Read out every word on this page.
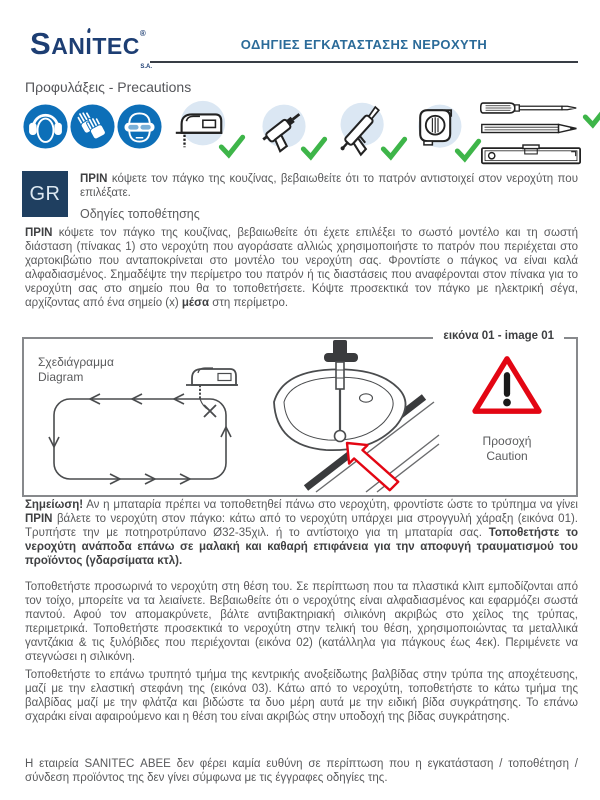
SANI
TEC®
S.A.
ΟΔΗΓΙΕΣ ΕΓΚΑΤΑΣΤΑΣΗΣ ΝΕΡΟΧΥΤΗ
Προφυλάξεις - Precautions

GR
ΠΡΙΝ κόψετε τον πάγκο της κουζίνας, βεβαιωθείτε ότι το πατρόν αντιστοιχεί στον νεροχύτη που επιλέξατε.
Οδηγίες τοποθέτησης
ΠΡΙΝ κόψετε τον πάγκο της κουζίνας, βεβαιωθείτε ότι έχετε επιλέξει το σωστό μοντέλο και τη σωστή διάσταση (πίνακας 1) στο νεροχύτη που αγοράσατε αλλιώς χρησιμοποιήστε το πατρόν που περιέχεται στο χαρτοκιβώτιο που ανταποκρίνεται στο μοντέλο του νεροχύτη σας. Φροντίστε ο πάγκος να είναι καλά αλφαδιασμένος. Σημαδέψτε την περίμετρο του πατρόν ή τις διαστάσεις που αναφέρονται στον πίνακα για το νεροχύτη σας στο σημείο που θα το τοποθετήσετε. Κόψτε προσεκτικά τον πάγκο με ηλεκτρική σέγα, αρχίζοντας από ένα σημείο (x) μέσα στη περίμετρο.
εικόνα 01 - image 01
Σχεδιάγραμμα
Diagram
Προσοχή
Caution
Σημείωση! Αν η μπαταρία πρέπει να τοποθετηθεί πάνω στο νεροχύτη, φροντίστε ώστε το τρύπημα να γίνει ΠΡΙΝ βάλετε το νεροχύτη στον πάγκο: κάτω από το νεροχύτη υπάρχει μια στρογγυλή χάραξη (εικόνα 01). Τρυπήστε την με ποτηροτρύπανο Ø32-35χιλ. ή το αντίστοιχο για τη μπαταρία σας. Τοποθετήστε το νεροχύτη ανάποδα επάνω σε μαλακή και καθαρή επιφάνεια για την αποφυγή τραυματισμού του προϊόντος (γδαρσίματα κτλ).
Τοποθετήστε προσωρινά το νεροχύτη στη θέση του. Σε περίπτωση που τα πλαστικά κλιπ εμποδίζονται από τον τοίχο, μπορείτε να τα λειαίνετε. Βεβαιωθείτε ότι ο νεροχύτης είναι αλφαδιασμένος και εφαρμόζει σωστά παντού. Αφού τον απομακρύνετε, βάλτε αντιβακτηριακή σιλικόνη ακριβώς στο χείλος της τρύπας, περιμετρικά. Τοποθετήστε προσεκτικά το νεροχύτη στην τελική του θέση, χρησιμοποιώντας τα μεταλλικά γαντζάκια & τις ξυλόβιδες που περιέχονται (εικόνα 02) (κατάλληλα για πάγκους έως 4εκ). Περιμένετε να στεγνώσει η σιλικόνη.
Τοποθετήστε το επάνω τρυπητό τμήμα της κεντρικής ανοξείδωτης βαλβίδας στην τρύπα της αποχέτευσης, μαζί με την ελαστική στεφάνη της (εικόνα 03). Κάτω από το νεροχύτη, τοποθετήστε το κάτω τμήμα της βαλβίδας μαζί με την φλάτζα και βιδώστε τα δυο μέρη αυτά με την ειδική βίδα συγκράτησης. Το επάνω σχαράκι είναι αφαιρούμενο και η θέση του είναι ακριβώς στην υποδοχή της βίδας συγκράτησης.
Η εταιρεία SANITEC ΑΒΕΕ δεν φέρει καμία ευθύνη σε περίπτωση που η εγκατάσταση / τοποθέτηση / σύνδεση προϊόντος της δεν γίνει σύμφωνα με τις έγγραφες οδηγίες της.
